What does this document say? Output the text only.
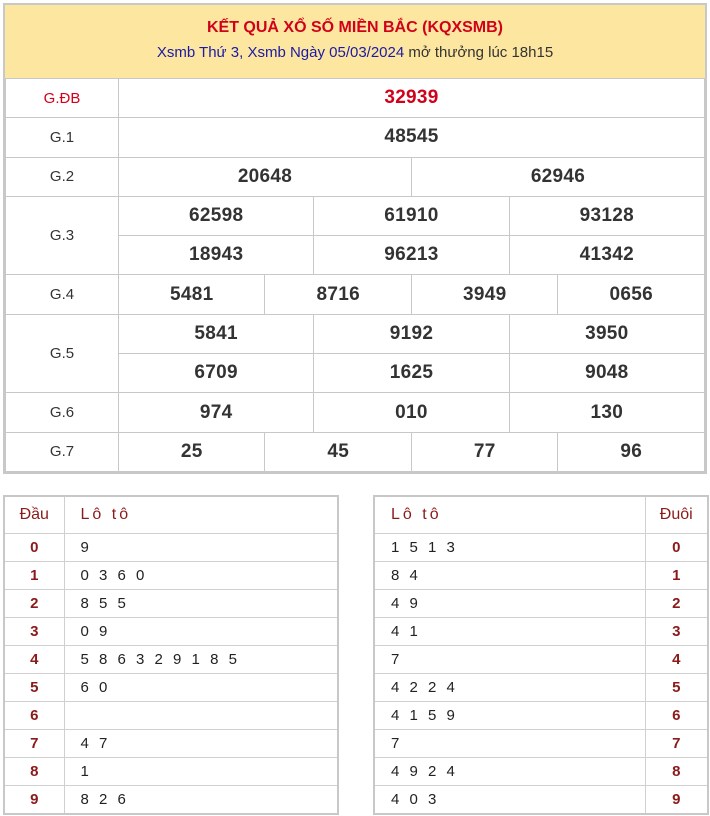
KẾT QUẢ XỔ SỐ MIỀN BẮC (KQXSMB)
Xsmb Thứ 3, Xsmb Ngày 05/03/2024 mở thưởng lúc 18h15
G.ĐB	32939					
G.1	48545					
G.2	20648			62946		
G.3	62598		61910		93128	
	18943		96213		41342	
G.4	5481	8716		3949		0656
G.5	5841		9192		3950	
	6709		1625		9048	
G.6	974		010		130	
G.7	25	45		77		96
Đầu	Lô tô
0	9
1	0 3 6 0
2	8 5 5
3	0 9
4	5 8 6 3 2 9 1 8 5
5	6 0
6	
7	4 7
8	1
9	8 2 6
Lô tô	Đuôi
1 5 1 3	0
8 4	1
4 9	2
4 1	3
7	4
4 2 2 4	5
4 1 5 9	6
7	7
4 9 2 4	8
4 0 3	9
